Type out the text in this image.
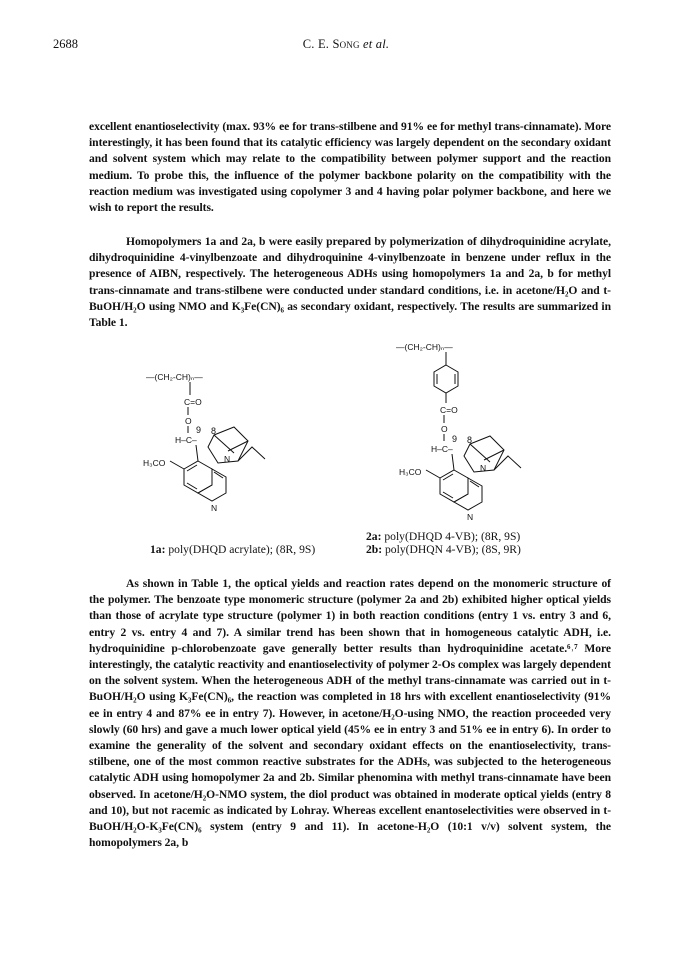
2688	C. E. Song et al.

excellent enantioselectivity (max. 93% ee for trans-stilbene and 91% ee for methyl trans-cinnamate). More interestingly, it has been found that its catalytic efficiency was largely dependent on the secondary oxidant and solvent system which may relate to the compatibility between polymer support and the reaction medium. To probe this, the influence of the polymer backbone polarity on the compatibility with the reaction medium was investigated using copolymer 3 and 4 having polar polymer backbone, and here we wish to report the results.

Homopolymers 1a and 2a, b were easily prepared by polymerization of dihydroquinidine acrylate, dihydroquinidine 4-vinylbenzoate and dihydroquinine 4-vinylbenzoate in benzene under reflux in the presence of AIBN, respectively. The heterogeneous ADHs using homopolymers 1a and 2a, b for methyl trans-cinnamate and trans-stilbene were conducted under standard conditions, i.e. in acetone/H₂O and t-BuOH/H₂O using NMO and K₃Fe(CN)₆ as secondary oxidant, respectively. The results are summarized in Table 1.

—(CH₂-CH)ₙ—
C=O
O
H–C–
9 8
N
N
H₃CO
—(CH₂-CH)ₙ—
C=O
O
H–C–
9 8
N
N
H₃CO
1a: poly(DHQD acrylate); (8R, 9S)
2a: poly(DHQD 4-VB); (8R, 9S)
2b: poly(DHQN 4-VB); (8S, 9R)

As shown in Table 1, the optical yields and reaction rates depend on the monomeric structure of the polymer. The benzoate type monomeric structure (polymer 2a and 2b) exhibited higher optical yields than those of acrylate type structure (polymer 1) in both reaction conditions (entry 1 vs. entry 3 and 6, entry 2 vs. entry 4 and 7). A similar trend has been shown that in homogeneous catalytic ADH, i.e. hydroquinidine p-chlorobenzoate gave generally better results than hydroquinidine acetate.⁶˒⁷ More interestingly, the catalytic reactivity and enantioselectivity of polymer 2-Os complex was largely dependent on the solvent system. When the heterogeneous ADH of the methyl trans-cinnamate was carried out in t-BuOH/H₂O using K₃Fe(CN)₆, the reaction was completed in 18 hrs with excellent enantioselectivity (91% ee in entry 4 and 87% ee in entry 7). However, in acetone/H₂O-using NMO, the reaction proceeded very slowly (60 hrs) and gave a much lower optical yield (45% ee in entry 3 and 51% ee in entry 6). In order to examine the generality of the solvent and secondary oxidant effects on the enantioselectivity, trans-stilbene, one of the most common reactive substrates for the ADHs, was subjected to the heterogeneous catalytic ADH using homopolymer 2a and 2b. Similar phenomina with methyl trans-cinnamate have been observed. In acetone/H₂O-NMO system, the diol product was obtained in moderate optical yields (entry 8 and 10), but not racemic as indicated by Lohray. Whereas excellent enantoselectivities were observed in t-BuOH/H₂O-K₃Fe(CN)₆ system (entry 9 and 11). In acetone-H₂O (10:1 v/v) solvent system, the homopolymers 2a, b
